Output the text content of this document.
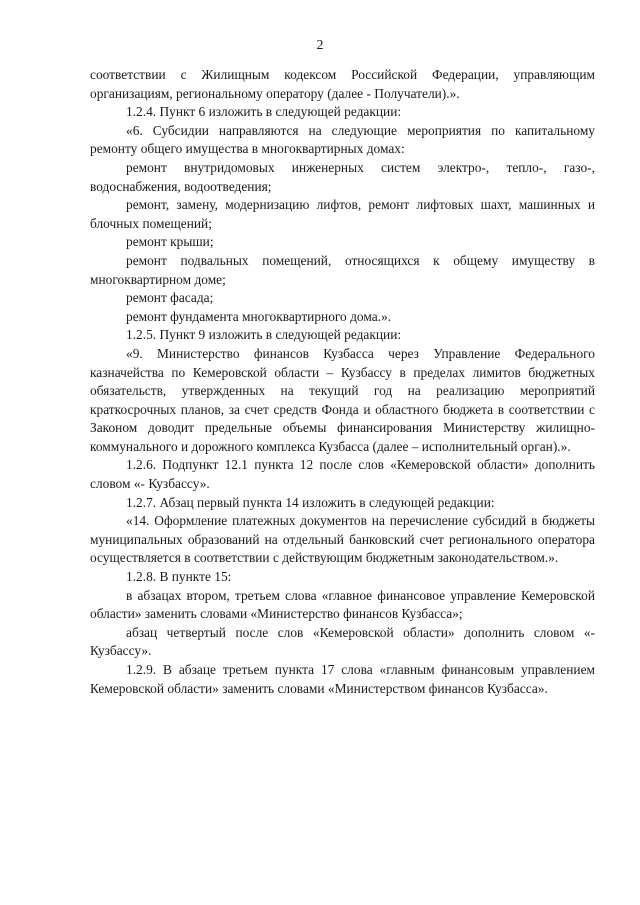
2

соответствии с Жилищным кодексом Российской Федерации, управляющим организациям, региональному оператору (далее - Получатели).».

1.2.4. Пункт 6 изложить в следующей редакции:

«6. Субсидии направляются на следующие мероприятия по капитальному ремонту общего имущества в многоквартирных домах:

ремонт внутридомовых инженерных систем электро-, тепло-, газо-, водоснабжения, водоотведения;

ремонт, замену, модернизацию лифтов, ремонт лифтовых шахт, машинных и блочных помещений;

ремонт крыши;

ремонт подвальных помещений, относящихся к общему имуществу в многоквартирном доме;

ремонт фасада;

ремонт фундамента многоквартирного дома.».

1.2.5. Пункт 9 изложить в следующей редакции:

«9. Министерство финансов Кузбасса через Управление Федерального казначейства по Кемеровской области – Кузбассу в пределах лимитов бюджетных обязательств, утвержденных на текущий год на реализацию мероприятий краткосрочных планов, за счет средств Фонда и областного бюджета в соответствии с Законом доводит предельные объемы финансирования Министерству жилищно-коммунального и дорожного комплекса Кузбасса (далее – исполнительный орган).».

1.2.6. Подпункт 12.1 пункта 12 после слов «Кемеровской области» дополнить словом «- Кузбассу».

1.2.7. Абзац первый пункта 14 изложить в следующей редакции:

«14. Оформление платежных документов на перечисление субсидий в бюджеты муниципальных образований на отдельный банковский счет регионального оператора осуществляется в соответствии с действующим бюджетным законодательством.».

1.2.8. В пункте 15:

в абзацах втором, третьем слова «главное финансовое управление Кемеровской области» заменить словами «Министерство финансов Кузбасса»;

абзац четвертый после слов «Кемеровской области» дополнить словом «- Кузбассу».

1.2.9. В абзаце третьем пункта 17 слова «главным финансовым управлением Кемеровской области» заменить словами «Министерством финансов Кузбасса».
